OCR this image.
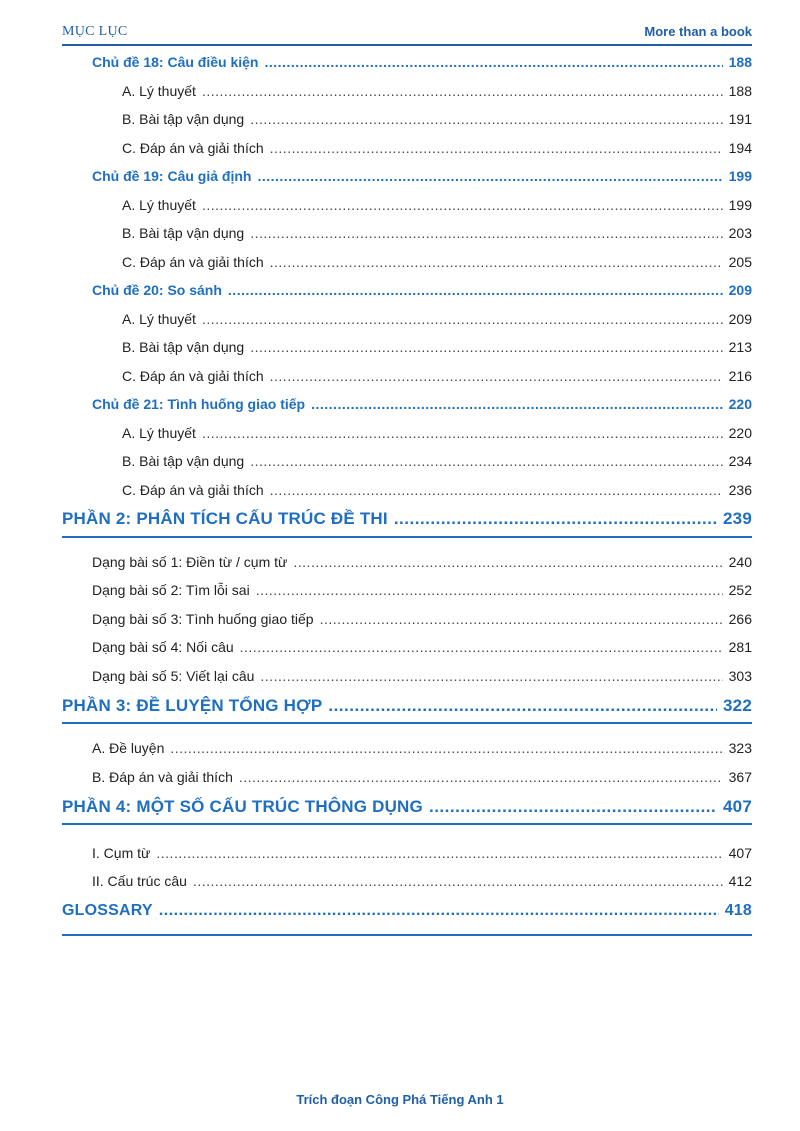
MỤC LỤC	More than a book
Chủ đề 18: Câu điều kiện .....	188
A. Lý thuyết .....	188
B. Bài tập vận dụng .....	191
C. Đáp án và giải thích .....	194
Chủ đề 19: Câu giả định .....	199
A. Lý thuyết .....	199
B. Bài tập vận dụng .....	203
C. Đáp án và giải thích .....	205
Chủ đề 20: So sánh .....	209
A. Lý thuyết .....	209
B. Bài tập vận dụng .....	213
C. Đáp án và giải thích .....	216
Chủ đề 21: Tình huống giao tiếp .....	220
A. Lý thuyết .....	220
B. Bài tập vận dụng .....	234
C. Đáp án và giải thích .....	236
PHẦN 2: PHÂN TÍCH CẤU TRÚC ĐỀ THI .....	239
Dạng bài số 1: Điền từ / cụm từ .....	240
Dạng bài số 2: Tìm lỗi sai .....	252
Dạng bài số 3: Tình huống giao tiếp .....	266
Dạng bài số 4: Nối câu .....	281
Dạng bài số 5: Viết lại câu .....	303
PHẦN 3: ĐỀ LUYỆN TỔNG HỢP .....	322
A. Đề luyện .....	323
B. Đáp án và giải thích .....	367
PHẦN 4: MỘT SỐ CẤU TRÚC THÔNG DỤNG .....	407
I. Cụm từ .....	407
II. Cấu trúc câu .....	412
GLOSSARY .....	418
Trích đoạn Công Phá Tiếng Anh 1
